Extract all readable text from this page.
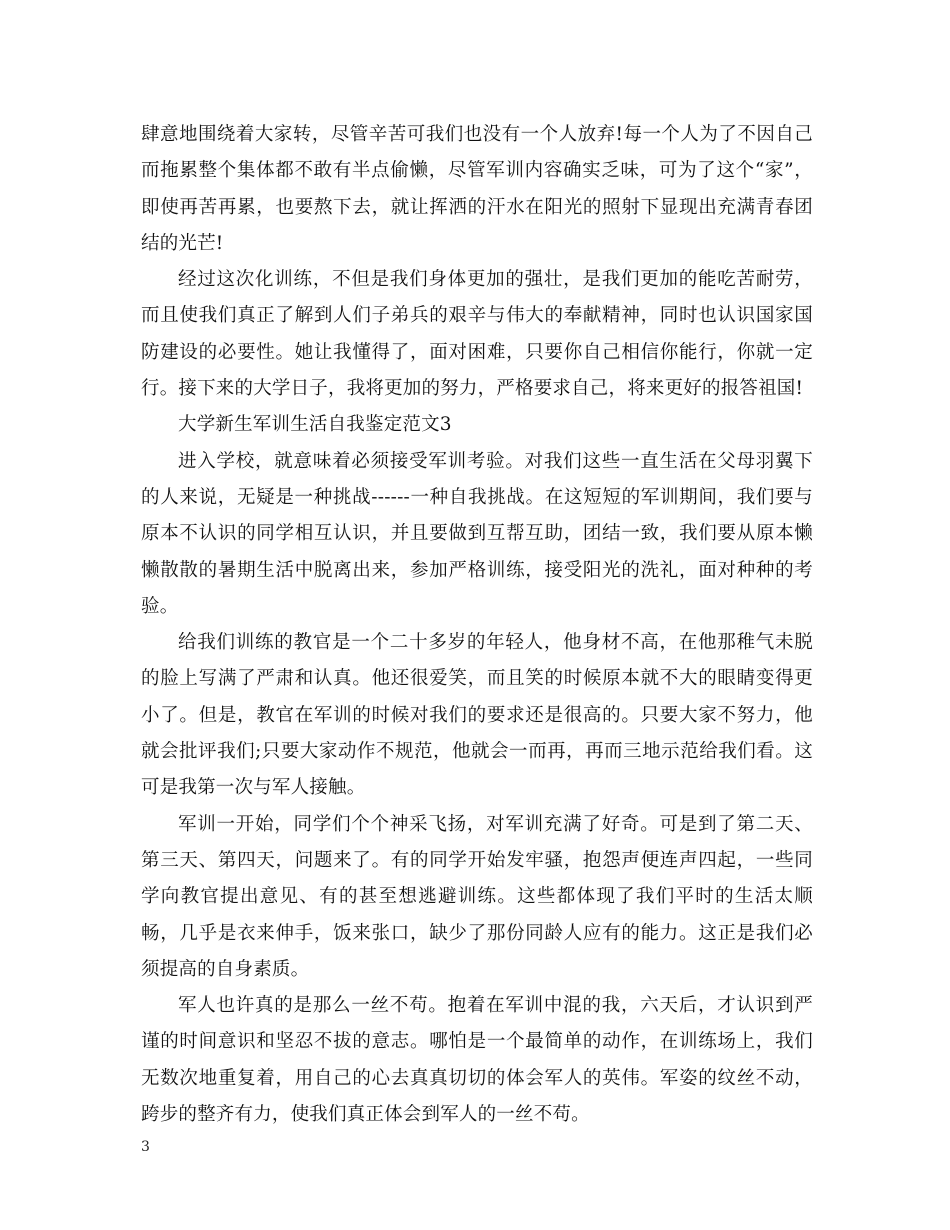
肆意地围绕着大家转，尽管辛苦可我们也没有一个人放弃!每一个人为了不因自己而拖累整个集体都不敢有半点偷懒，尽管军训内容确实乏味，可为了这个“家”，即使再苦再累，也要熬下去，就让挥洒的汗水在阳光的照射下显现出充满青春团结的光芒!

经过这次化训练，不但是我们身体更加的强壮，是我们更加的能吃苦耐劳，而且使我们真正了解到人们子弟兵的艰辛与伟大的奉献精神，同时也认识国家国防建设的必要性。她让我懂得了，面对困难，只要你自己相信你能行，你就一定行。接下来的大学日子，我将更加的努力，严格要求自己，将来更好的报答祖国!

大学新生军训生活自我鉴定范文3

进入学校，就意味着必须接受军训考验。对我们这些一直生活在父母羽翼下的人来说，无疑是一种挑战------一种自我挑战。在这短短的军训期间，我们要与原本不认识的同学相互认识，并且要做到互帮互助，团结一致，我们要从原本懒懒散散的暑期生活中脱离出来，参加严格训练，接受阳光的洗礼，面对种种的考验。

给我们训练的教官是一个二十多岁的年轻人，他身材不高，在他那稚气未脱的脸上写满了严肃和认真。他还很爱笑，而且笑的时候原本就不大的眼睛变得更小了。但是，教官在军训的时候对我们的要求还是很高的。只要大家不努力，他就会批评我们;只要大家动作不规范，他就会一而再，再而三地示范给我们看。这可是我第一次与军人接触。

军训一开始，同学们个个神采飞扬，对军训充满了好奇。可是到了第二天、第三天、第四天，问题来了。有的同学开始发牢骚，抱怨声便连声四起，一些同学向教官提出意见、有的甚至想逃避训练。这些都体现了我们平时的生活太顺畅，几乎是衣来伸手，饭来张口，缺少了那份同龄人应有的能力。这正是我们必须提高的自身素质。

军人也许真的是那么一丝不苟。抱着在军训中混的我，六天后，才认识到严谨的时间意识和坚忍不拔的意志。哪怕是一个最简单的动作，在训练场上，我们无数次地重复着，用自己的心去真真切切的体会军人的英伟。军姿的纹丝不动，跨步的整齐有力，使我们真正体会到军人的一丝不苟。

3
